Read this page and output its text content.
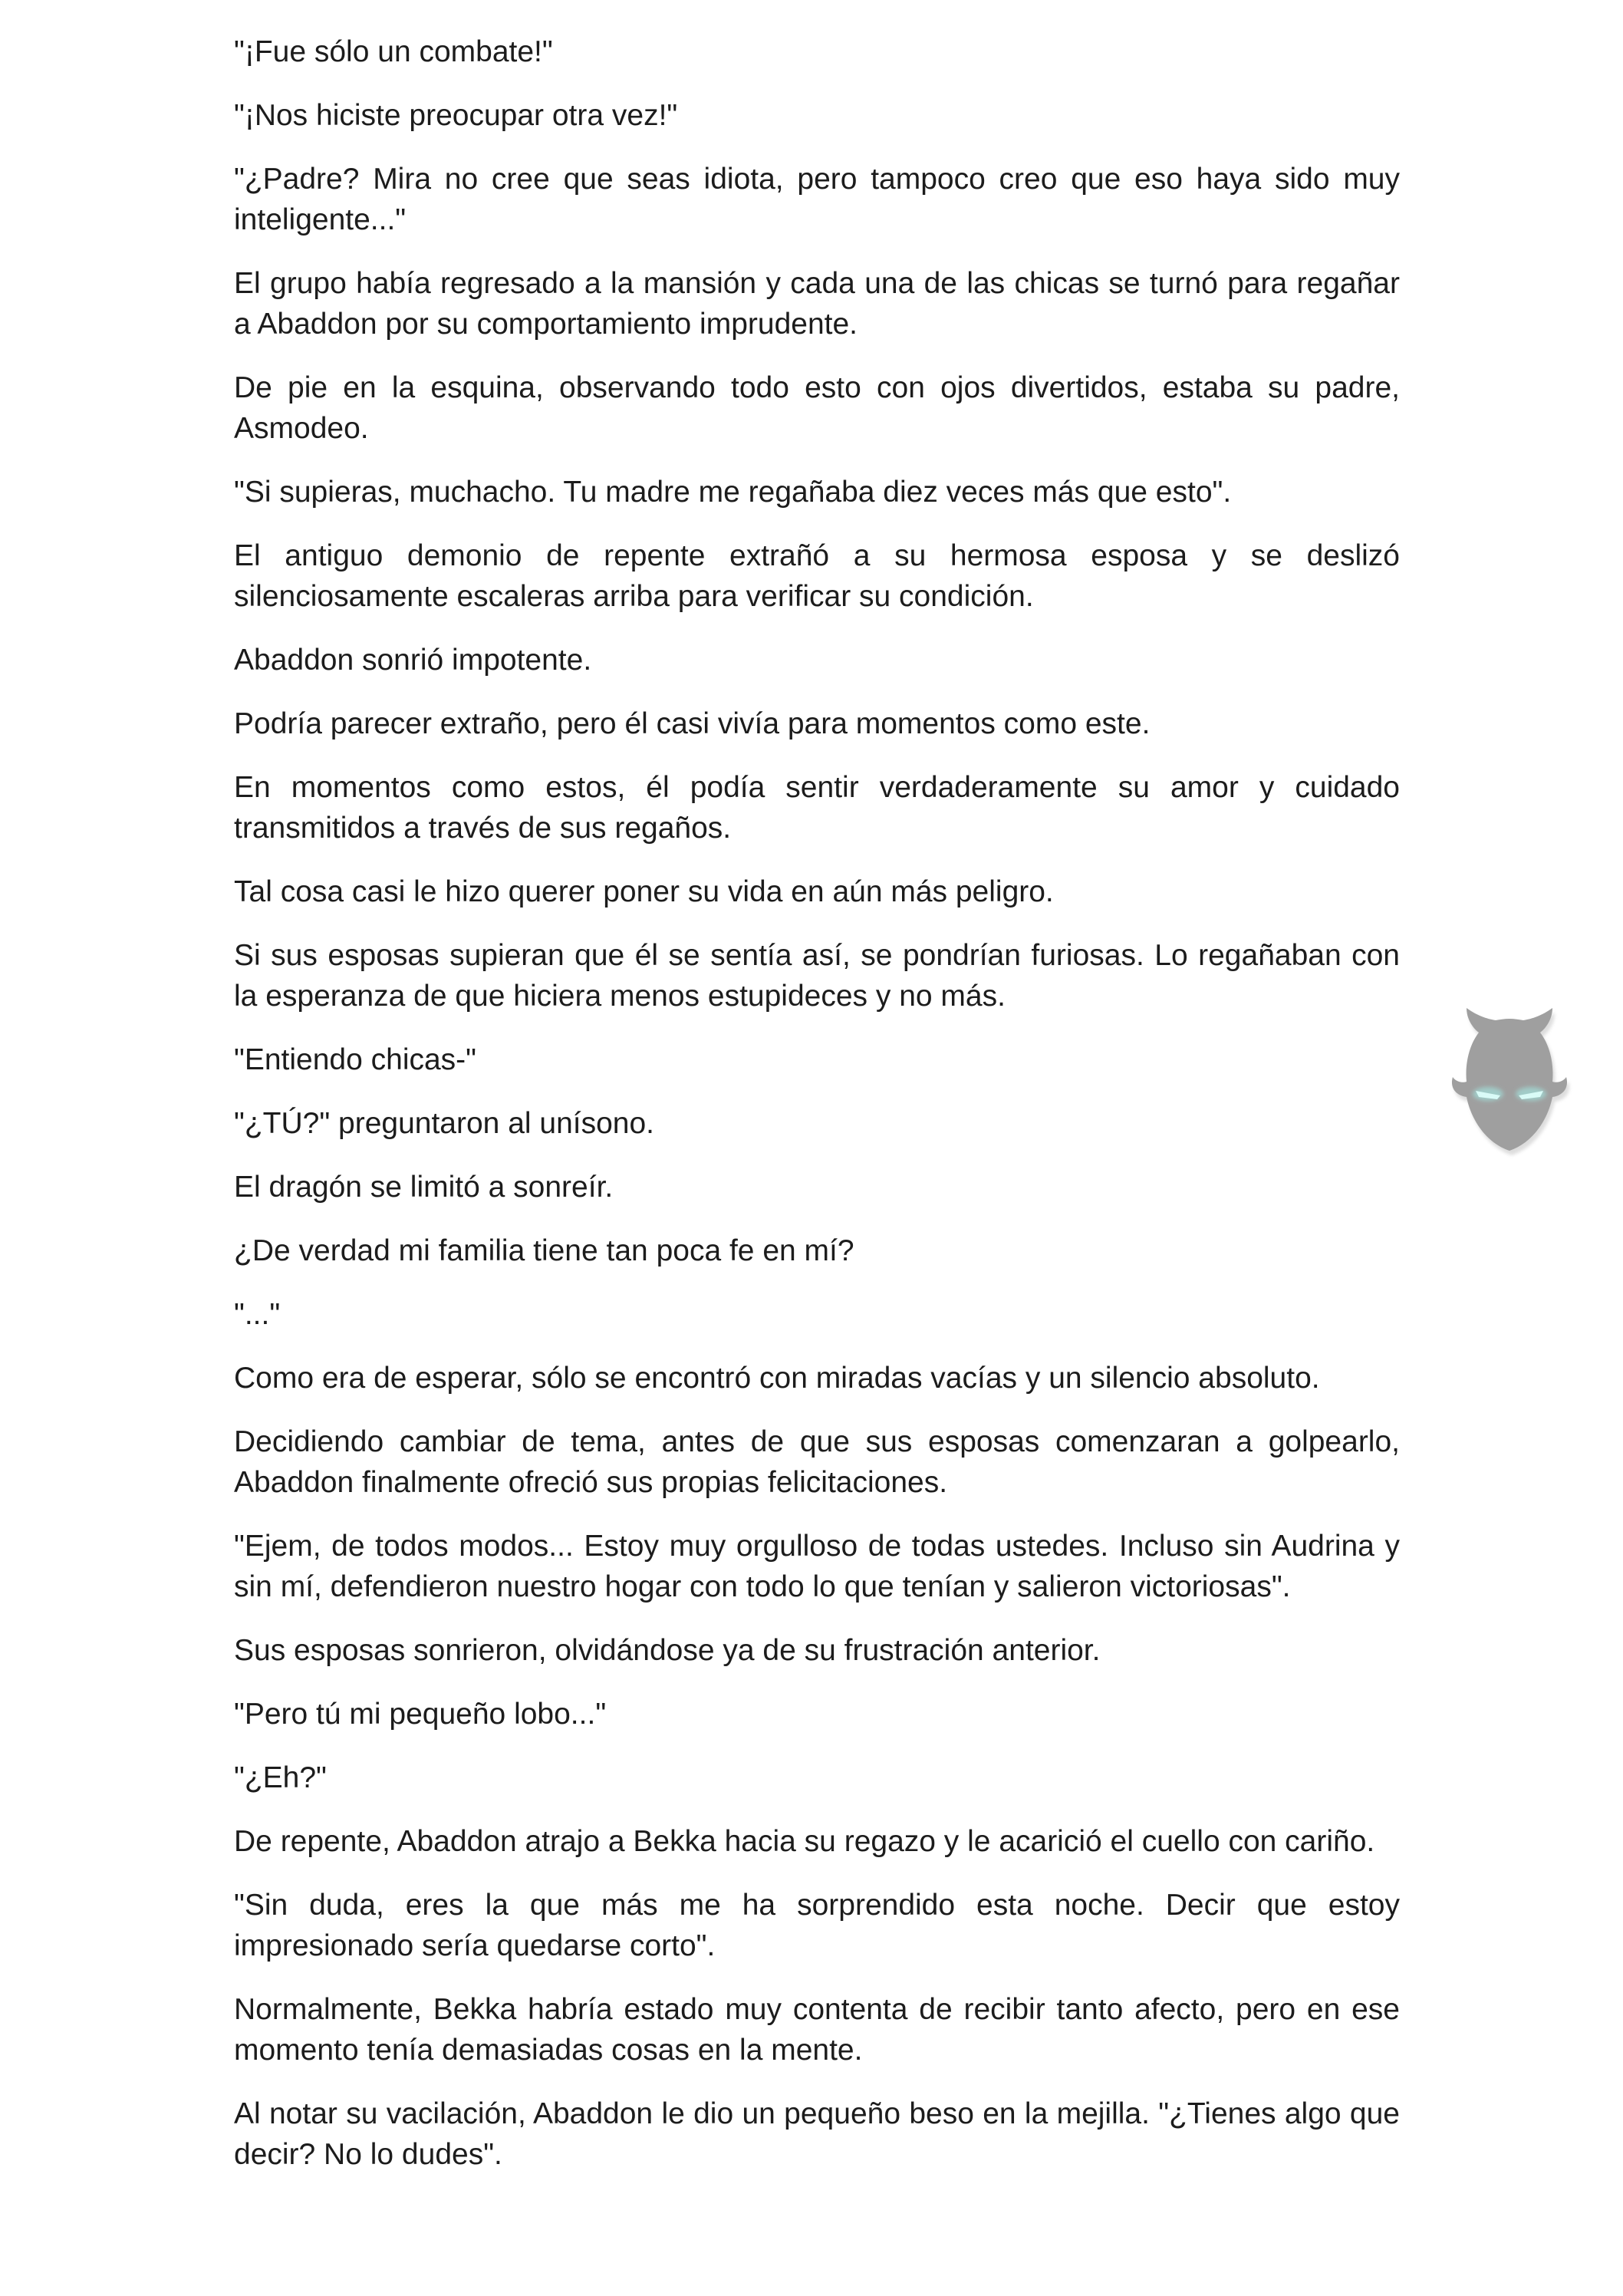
"¡Fue sólo un combate!"

"¡Nos hiciste preocupar otra vez!"

"¿Padre? Mira no cree que seas idiota, pero tampoco creo que eso haya sido muy inteligente..."

El grupo había regresado a la mansión y cada una de las chicas se turnó para regañar a Abaddon por su comportamiento imprudente.

De pie en la esquina, observando todo esto con ojos divertidos, estaba su padre, Asmodeo.

"Si supieras, muchacho. Tu madre me regañaba diez veces más que esto".

El antiguo demonio de repente extrañó a su hermosa esposa y se deslizó silenciosamente escaleras arriba para verificar su condición.

Abaddon sonrió impotente.

Podría parecer extraño, pero él casi vivía para momentos como este.

En momentos como estos, él podía sentir verdaderamente su amor y cuidado transmitidos a través de sus regaños.

Tal cosa casi le hizo querer poner su vida en aún más peligro.

Si sus esposas supieran que él se sentía así, se pondrían furiosas. Lo regañaban con la esperanza de que hiciera menos estupideces y no más.

"Entiendo chicas-"

"¿TÚ?" preguntaron al unísono.

El dragón se limitó a sonreír.

¿De verdad mi familia tiene tan poca fe en mí?

"..."

Como era de esperar, sólo se encontró con miradas vacías y un silencio absoluto.

Decidiendo cambiar de tema, antes de que sus esposas comenzaran a golpearlo, Abaddon finalmente ofreció sus propias felicitaciones.

"Ejem, de todos modos... Estoy muy orgulloso de todas ustedes. Incluso sin Audrina y sin mí, defendieron nuestro hogar con todo lo que tenían y salieron victoriosas".

Sus esposas sonrieron, olvidándose ya de su frustración anterior.

"Pero tú mi pequeño lobo..."

"¿Eh?"

De repente, Abaddon atrajo a Bekka hacia su regazo y le acarició el cuello con cariño.

"Sin duda, eres la que más me ha sorprendido esta noche. Decir que estoy impresionado sería quedarse corto".

Normalmente, Bekka habría estado muy contenta de recibir tanto afecto, pero en ese momento tenía demasiadas cosas en la mente.

Al notar su vacilación, Abaddon le dio un pequeño beso en la mejilla. "¿Tienes algo que decir? No lo dudes".
